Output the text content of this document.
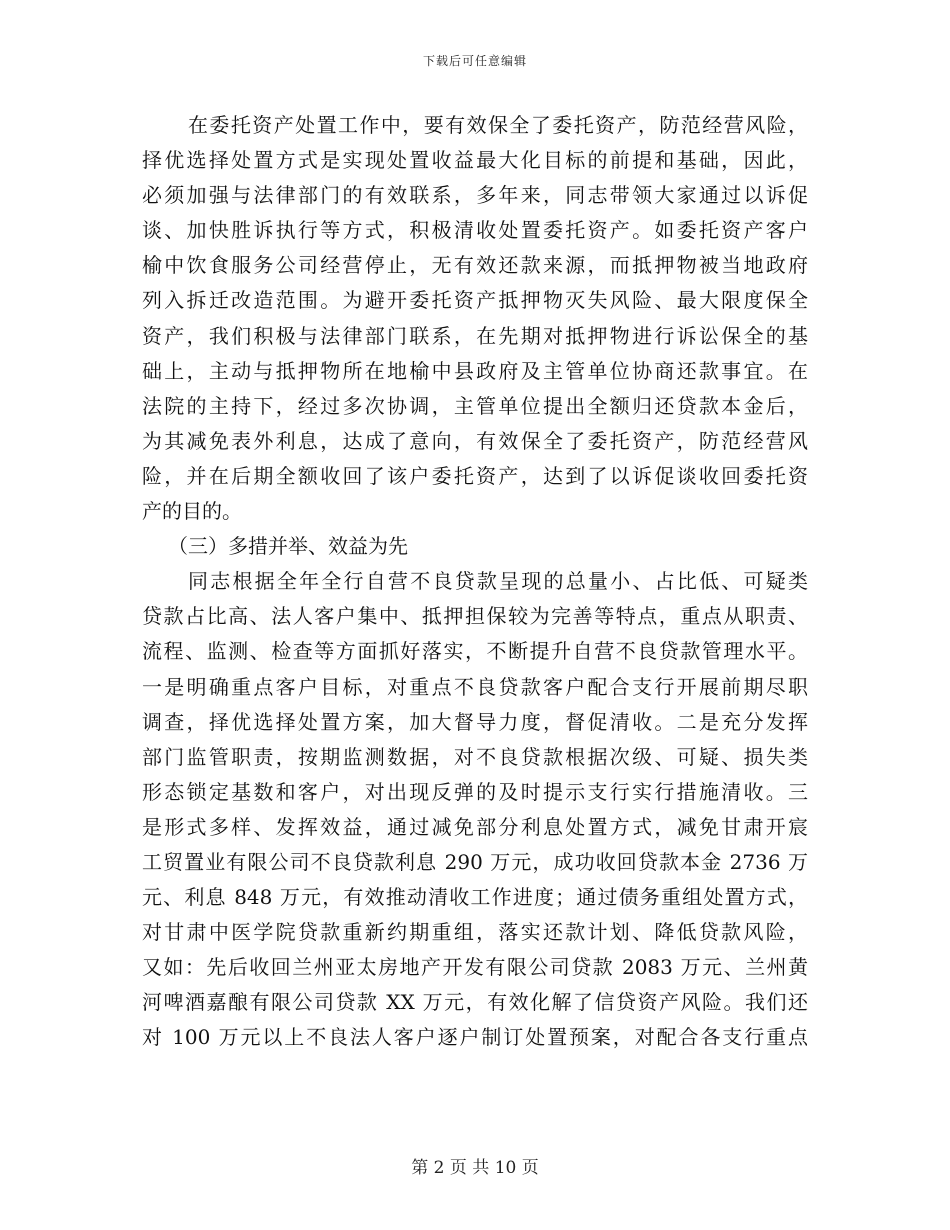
下载后可任意编辑
在委托资产处置工作中，要有效保全了委托资产，防范经营风险，
择优选择处置方式是实现处置收益最大化目标的前提和基础，因此，
必须加强与法律部门的有效联系，多年来，同志带领大家通过以诉促
谈、加快胜诉执行等方式，积极清收处置委托资产。如委托资产客户
榆中饮食服务公司经营停止，无有效还款来源，而抵押物被当地政府
列入拆迁改造范围。为避开委托资产抵押物灭失风险、最大限度保全
资产，我们积极与法律部门联系，在先期对抵押物进行诉讼保全的基
础上，主动与抵押物所在地榆中县政府及主管单位协商还款事宜。在
法院的主持下，经过多次协调，主管单位提出全额归还贷款本金后，
为其减免表外利息，达成了意向，有效保全了委托资产，防范经营风
险，并在后期全额收回了该户委托资产，达到了以诉促谈收回委托资
产的目的。
（三）多措并举、效益为先
同志根据全年全行自营不良贷款呈现的总量小、占比低、可疑类
贷款占比高、法人客户集中、抵押担保较为完善等特点，重点从职责、
流程、监测、检查等方面抓好落实，不断提升自营不良贷款管理水平。
一是明确重点客户目标，对重点不良贷款客户配合支行开展前期尽职
调查，择优选择处置方案，加大督导力度，督促清收。二是充分发挥
部门监管职责，按期监测数据，对不良贷款根据次级、可疑、损失类
形态锁定基数和客户，对出现反弹的及时提示支行实行措施清收。三
是形式多样、发挥效益，通过减免部分利息处置方式，减免甘肃开宸
工贸置业有限公司不良贷款利息 290 万元，成功收回贷款本金 2736 万
元、利息 848 万元，有效推动清收工作进度；通过债务重组处置方式，
对甘肃中医学院贷款重新约期重组，落实还款计划、降低贷款风险，
又如：先后收回兰州亚太房地产开发有限公司贷款 2083 万元、兰州黄
河啤酒嘉酿有限公司贷款 XX 万元，有效化解了信贷资产风险。我们还
对 100 万元以上不良法人客户逐户制订处置预案，对配合各支行重点
第 2 页 共 10 页
